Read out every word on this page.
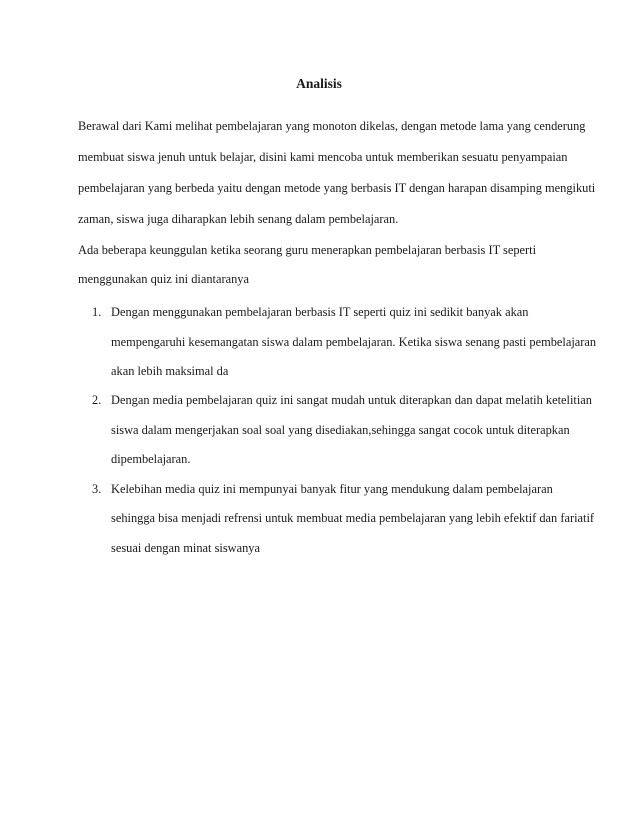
Analisis
Berawal dari Kami melihat pembelajaran yang monoton dikelas, dengan metode lama yang cenderung
membuat siswa jenuh untuk belajar, disini kami mencoba untuk memberikan sesuatu penyampaian
pembelajaran yang berbeda yaitu dengan metode yang berbasis IT dengan harapan disamping mengikuti
zaman, siswa juga diharapkan lebih senang dalam pembelajaran.
Ada beberapa keunggulan ketika seorang guru menerapkan pembelajaran berbasis IT seperti
menggunakan quiz ini diantaranya
1. Dengan menggunakan pembelajaran berbasis IT seperti quiz ini sedikit banyak akan
mempengaruhi kesemangatan siswa dalam pembelajaran. Ketika siswa senang pasti pembelajaran
akan lebih maksimal da
2. Dengan media pembelajaran quiz ini sangat mudah untuk diterapkan dan dapat melatih ketelitian
siswa dalam mengerjakan soal soal yang disediakan,sehingga sangat cocok untuk diterapkan
dipembelajaran.
3. Kelebihan media quiz ini mempunyai banyak fitur yang mendukung dalam pembelajaran
sehingga bisa menjadi refrensi untuk membuat media pembelajaran yang lebih efektif dan fariatif
sesuai dengan minat siswanya
